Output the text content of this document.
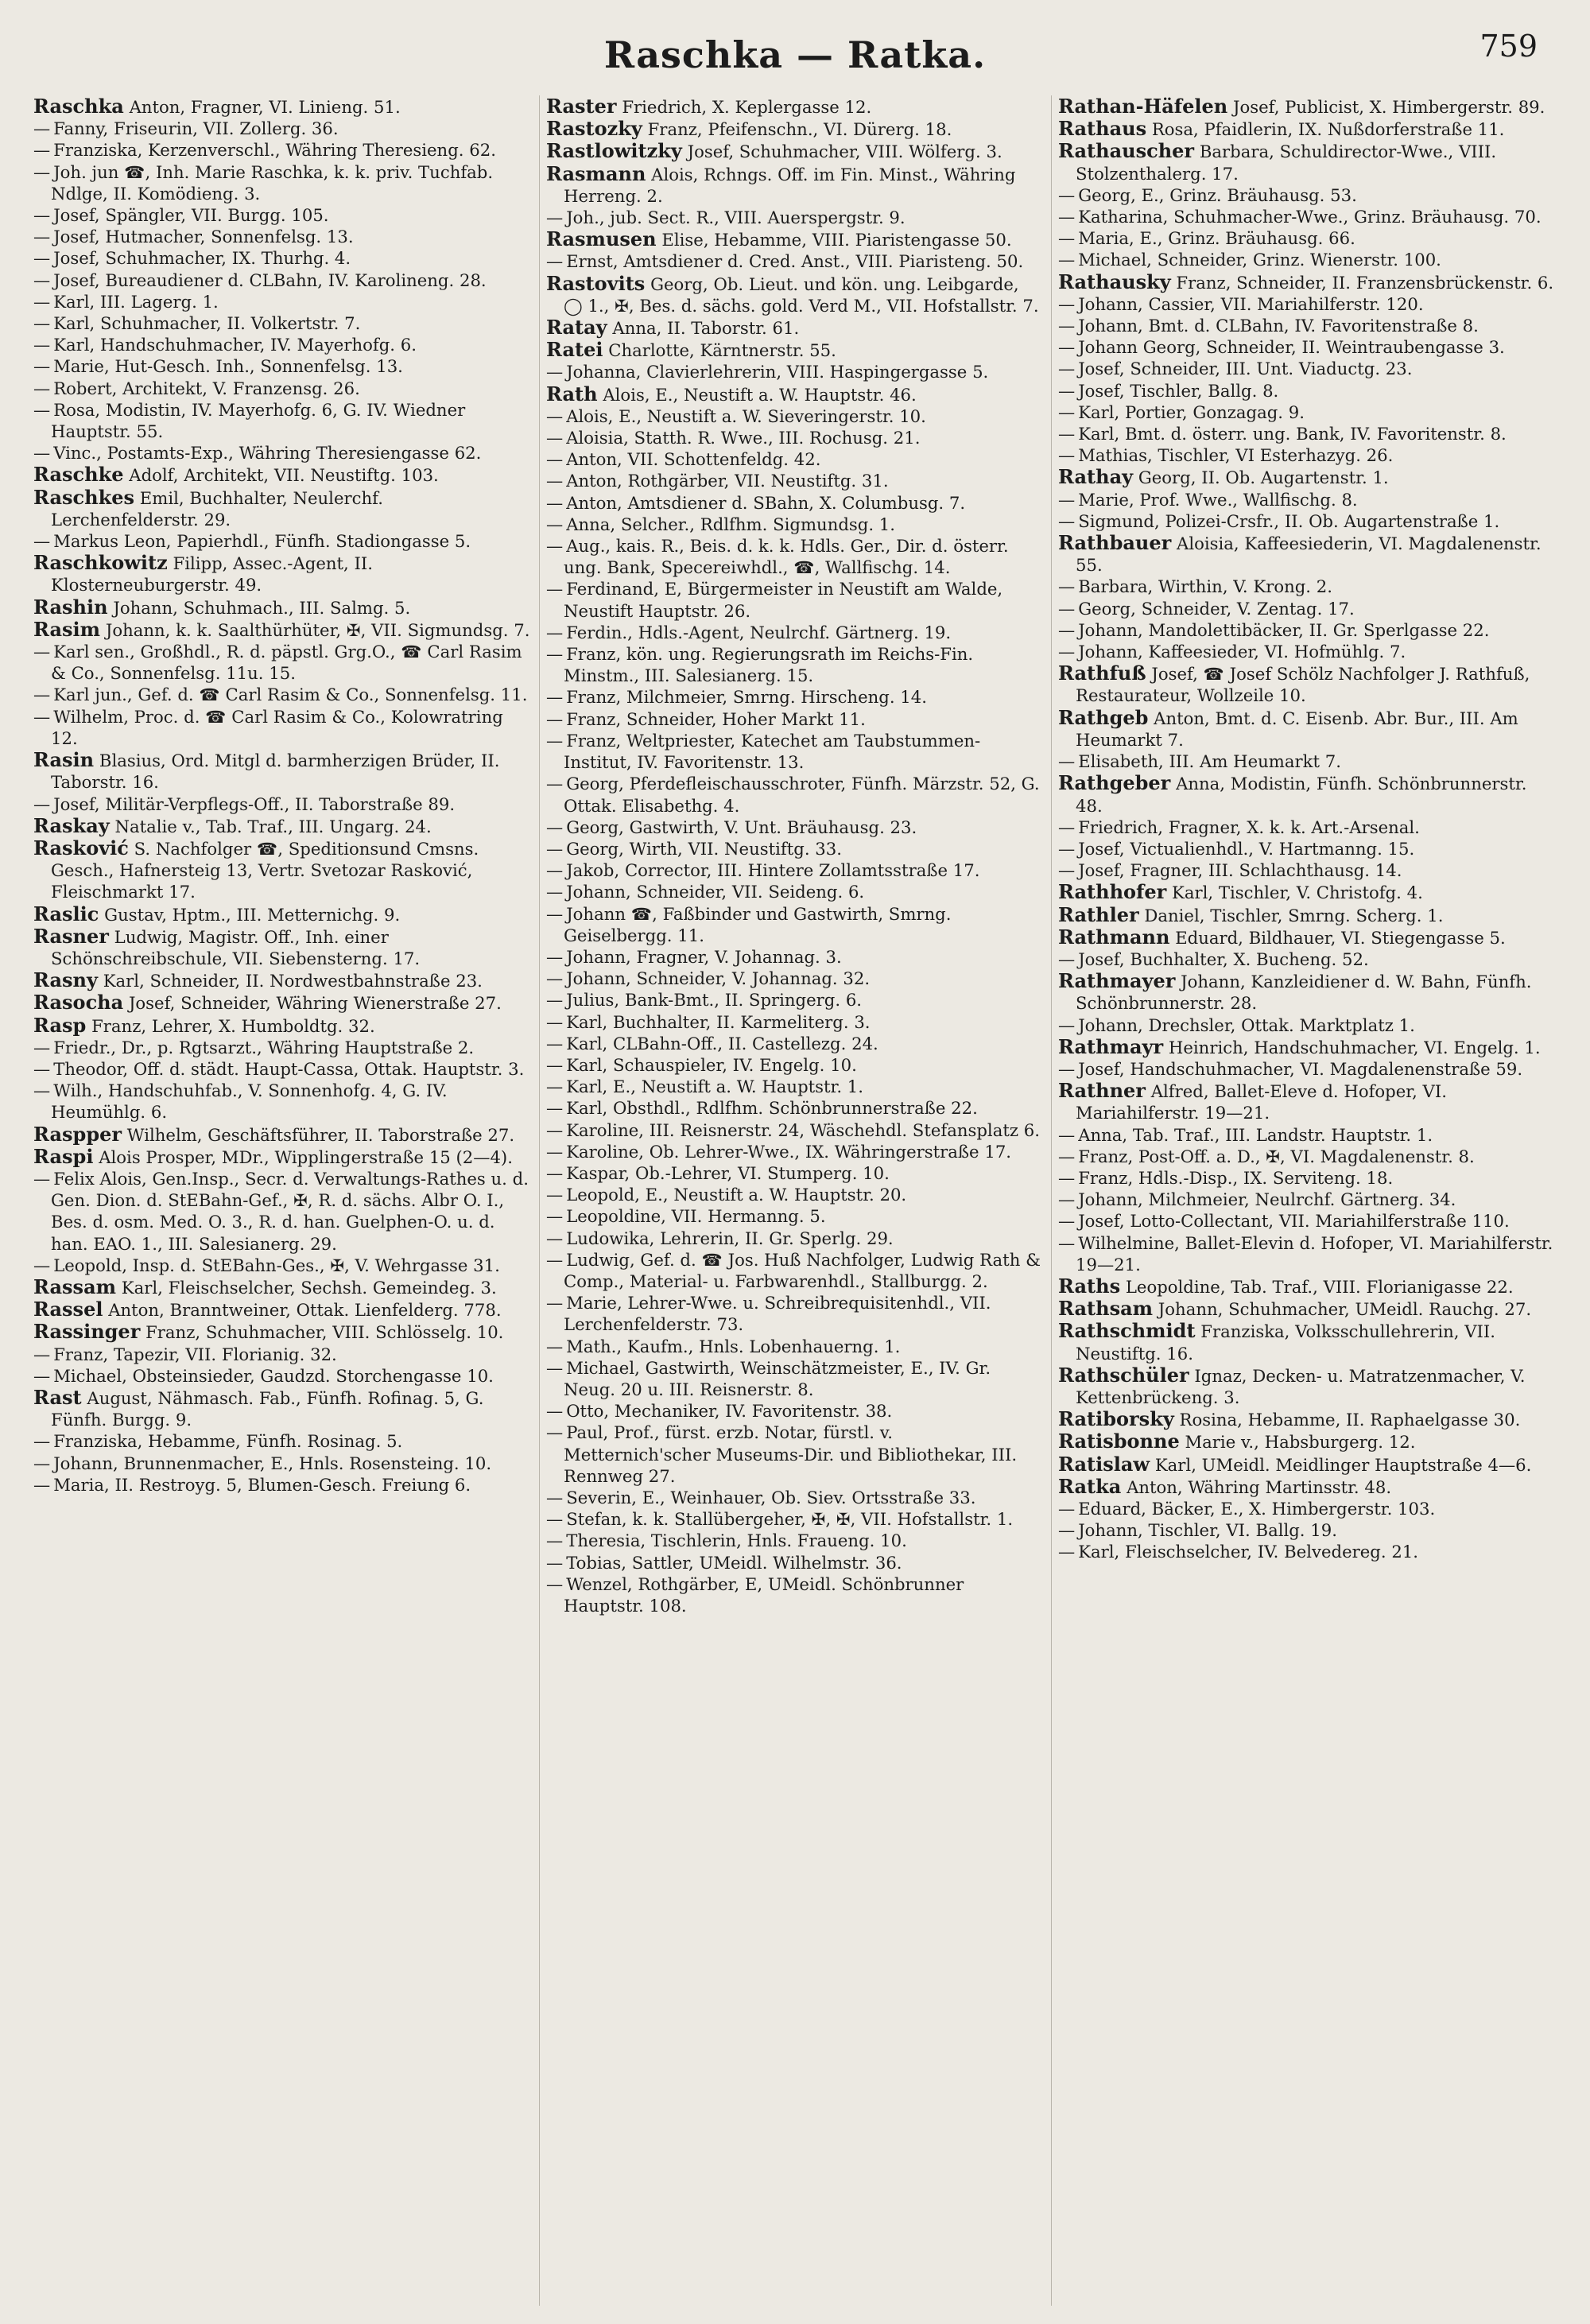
Raschka — Ratka.	759

Raschka Anton, Fragner, VI. Linieng. 51.

— Fanny, Friseurin, VII. Zollerg. 36.

— Franziska, Kerzenverschl., Währing Theresieng. 62.

— Joh. jun ☎, Inh. Marie Raschka, k. k. priv. Tuchfab. Ndlge, II. Komödieng. 3.

— Josef, Spängler, VII. Burgg. 105.

— Josef, Hutmacher, Sonnenfelsg. 13.

— Josef, Schuhmacher, IX. Thurhg. 4.

— Josef, Bureaudiener d. CLBahn, IV. Karolineng. 28.

— Karl, III. Lagerg. 1.

— Karl, Schuhmacher, II. Volkertstr. 7.

— Karl, Handschuhmacher, IV. Mayerhofg. 6.

— Marie, Hut-Gesch. Inh., Sonnenfelsg. 13.

— Robert, Architekt, V. Franzensg. 26.

— Rosa, Modistin, IV. Mayerhofg. 6, G. IV. Wiedner Hauptstr. 55.

— Vinc., Postamts-Exp., Währing Theresiengasse 62.

Raschke Adolf, Architekt, VII. Neustiftg. 103.

Raschkes Emil, Buchhalter, Neulerchf. Lerchenfelderstr. 29.

— Markus Leon, Papierhdl., Fünfh. Stadiongasse 5.

Raschkowitz Filipp, Assec.-Agent, II. Klosterneuburgerstr. 49.

Rashin Johann, Schuhmach., III. Salmg. 5.

Rasim Johann, k. k. Saalthürhüter, ✠, VII. Sigmundsg. 7.

— Karl sen., Großhdl., R. d. päpstl. Grg.O., ☎ Carl Rasim & Co., Sonnenfelsg. 11u. 15.

— Karl jun., Gef. d. ☎ Carl Rasim & Co., Sonnenfelsg. 11.

— Wilhelm, Proc. d. ☎ Carl Rasim & Co., Kolowratring 12.

Rasin Blasius, Ord. Mitgl d. barmherzigen Brüder, II. Taborstr. 16.

— Josef, Militär-Verpflegs-Off., II. Taborstraße 89.

Raskay Natalie v., Tab. Traf., III. Ungarg. 24.

Rasković S. Nachfolger ☎, Speditionsund Cmsns. Gesch., Hafnersteig 13, Vertr. Svetozar Rasković, Fleischmarkt 17.

Raslic Gustav, Hptm., III. Metternichg. 9.

Rasner Ludwig, Magistr. Off., Inh. einer Schönschreibschule, VII. Siebensterng. 17.

Rasny Karl, Schneider, II. Nordwestbahnstraße 23.

Rasocha Josef, Schneider, Währing Wienerstraße 27.

Rasp Franz, Lehrer, X. Humboldtg. 32.

— Friedr., Dr., p. Rgtsarzt., Währing Hauptstraße 2.

— Theodor, Off. d. städt. Haupt-Cassa, Ottak. Hauptstr. 3.

— Wilh., Handschuhfab., V. Sonnenhofg. 4, G. IV. Heumühlg. 6.

Raspper Wilhelm, Geschäftsführer, II. Taborstraße 27.

Raspi Alois Prosper, MDr., Wipplingerstraße 15 (2—4).

— Felix Alois, Gen.Insp., Secr. d. Verwaltungs-Rathes u. d. Gen. Dion. d. StEBahn-Gef., ✠, R. d. sächs. Albr O. I., Bes. d. osm. Med. O. 3., R. d. han. Guelphen-O. u. d. han. EAO. 1., III. Salesianerg. 29.

— Leopold, Insp. d. StEBahn-Ges., ✠, V. Wehrgasse 31.

Rassam Karl, Fleischselcher, Sechsh. Gemeindeg. 3.

Rassel Anton, Branntweiner, Ottak. Lienfelderg. 778.

Rassinger Franz, Schuhmacher, VIII. Schlösselg. 10.

— Franz, Tapezir, VII. Florianig. 32.

— Michael, Obsteinsieder, Gaudzd. Storchengasse 10.

Rast August, Nähmasch. Fab., Fünfh. Rofinag. 5, G. Fünfh. Burgg. 9.

— Franziska, Hebamme, Fünfh. Rosinag. 5.

— Johann, Brunnenmacher, E., Hnls. Rosensteing. 10.

— Maria, II. Restroyg. 5, Blumen-Gesch. Freiung 6.

Raster Friedrich, X. Keplergasse 12.

Rastozky Franz, Pfeifenschn., VI. Dürerg. 18.

Rastlowitzky Josef, Schuhmacher, VIII. Wölferg. 3.

Rasmann Alois, Rchngs. Off. im Fin. Minst., Währing Herreng. 2.

— Joh., jub. Sect. R., VIII. Auerspergstr. 9.

Rasmusen Elise, Hebamme, VIII. Piaristengasse 50.

— Ernst, Amtsdiener d. Cred. Anst., VIII. Piaristeng. 50.

Rastovits Georg, Ob. Lieut. und kön. ung. Leibgarde, ◯ 1., ✠, Bes. d. sächs. gold. Verd M., VII. Hofstallstr. 7.

Ratay Anna, II. Taborstr. 61.

Ratei Charlotte, Kärntnerstr. 55.

— Johanna, Clavierlehrerin, VIII. Haspingergasse 5.

Rath Alois, E., Neustift a. W. Hauptstr. 46.

— Alois, E., Neustift a. W. Sieveringerstr. 10.

— Aloisia, Statth. R. Wwe., III. Rochusg. 21.

— Anton, VII. Schottenfeldg. 42.

— Anton, Rothgärber, VII. Neustiftg. 31.

— Anton, Amtsdiener d. SBahn, X. Columbusg. 7.

— Anna, Selcher., Rdlfhm. Sigmundsg. 1.

— Aug., kais. R., Beis. d. k. k. Hdls. Ger., Dir. d. österr. ung. Bank, Specereiwhdl., ☎, Wallfischg. 14.

— Ferdinand, E, Bürgermeister in Neustift am Walde, Neustift Hauptstr. 26.

— Ferdin., Hdls.-Agent, Neulrchf. Gärtnerg. 19.

— Franz, kön. ung. Regierungsrath im Reichs-Fin. Minstm., III. Salesianerg. 15.

— Franz, Milchmeier, Smrng. Hirscheng. 14.

— Franz, Schneider, Hoher Markt 11.

— Franz, Weltpriester, Katechet am Taubstummen-Institut, IV. Favoritenstr. 13.

— Georg, Pferdefleischausschroter, Fünfh. Märzstr. 52, G. Ottak. Elisabethg. 4.

— Georg, Gastwirth, V. Unt. Bräuhausg. 23.

— Georg, Wirth, VII. Neustiftg. 33.

— Jakob, Corrector, III. Hintere Zollamtsstraße 17.

— Johann, Schneider, VII. Seideng. 6.

— Johann ☎, Faßbinder und Gastwirth, Smrng. Geiselbergg. 11.

— Johann, Fragner, V. Johannag. 3.

— Johann, Schneider, V. Johannag. 32.

— Julius, Bank-Bmt., II. Springerg. 6.

— Karl, Buchhalter, II. Karmeliterg. 3.

— Karl, CLBahn-Off., II. Castellezg. 24.

— Karl, Schauspieler, IV. Engelg. 10.

— Karl, E., Neustift a. W. Hauptstr. 1.

— Karl, Obsthdl., Rdlfhm. Schönbrunnerstraße 22.

— Karoline, III. Reisnerstr. 24, Wäschehdl. Stefansplatz 6.

— Karoline, Ob. Lehrer-Wwe., IX. Währingerstraße 17.

— Kaspar, Ob.-Lehrer, VI. Stumperg. 10.

— Leopold, E., Neustift a. W. Hauptstr. 20.

— Leopoldine, VII. Hermanng. 5.

— Ludowika, Lehrerin, II. Gr. Sperlg. 29.

— Ludwig, Gef. d. ☎ Jos. Huß Nachfolger, Ludwig Rath & Comp., Material- u. Farbwarenhdl., Stallburgg. 2.

— Marie, Lehrer-Wwe. u. Schreibrequisitenhdl., VII. Lerchenfelderstr. 73.

— Math., Kaufm., Hnls. Lobenhauerng. 1.

— Michael, Gastwirth, Weinschätzmeister, E., IV. Gr. Neug. 20 u. III. Reisnerstr. 8.

— Otto, Mechaniker, IV. Favoritenstr. 38.

— Paul, Prof., fürst. erzb. Notar, fürstl. v. Metternich'scher Museums-Dir. und Bibliothekar, III. Rennweg 27.

— Severin, E., Weinhauer, Ob. Siev. Ortsstraße 33.

— Stefan, k. k. Stallübergeher, ✠, ✠, VII. Hofstallstr. 1.

— Theresia, Tischlerin, Hnls. Fraueng. 10.

— Tobias, Sattler, UMeidl. Wilhelmstr. 36.

— Wenzel, Rothgärber, E, UMeidl. Schönbrunner Hauptstr. 108.

Rathan-Häfelen Josef, Publicist, X. Himbergerstr. 89.

Rathaus Rosa, Pfaidlerin, IX. Nußdorferstraße 11.

Rathauscher Barbara, Schuldirector-Wwe., VIII. Stolzenthalerg. 17.

— Georg, E., Grinz. Bräuhausg. 53.

— Katharina, Schuhmacher-Wwe., Grinz. Bräuhausg. 70.

— Maria, E., Grinz. Bräuhausg. 66.

— Michael, Schneider, Grinz. Wienerstr. 100.

Rathausky Franz, Schneider, II. Franzensbrückenstr. 6.

— Johann, Cassier, VII. Mariahilferstr. 120.

— Johann, Bmt. d. CLBahn, IV. Favoritenstraße 8.

— Johann Georg, Schneider, II. Weintraubengasse 3.

— Josef, Schneider, III. Unt. Viaductg. 23.

— Josef, Tischler, Ballg. 8.

— Karl, Portier, Gonzagag. 9.

— Karl, Bmt. d. österr. ung. Bank, IV. Favoritenstr. 8.

— Mathias, Tischler, VI Esterhazyg. 26.

Rathay Georg, II. Ob. Augartenstr. 1.

— Marie, Prof. Wwe., Wallfischg. 8.

— Sigmund, Polizei-Crsfr., II. Ob. Augartenstraße 1.

Rathbauer Aloisia, Kaffeesiederin, VI. Magdalenenstr. 55.

— Barbara, Wirthin, V. Krong. 2.

— Georg, Schneider, V. Zentag. 17.

— Johann, Mandolettibäcker, II. Gr. Sperlgasse 22.

— Johann, Kaffeesieder, VI. Hofmühlg. 7.

Rathfuß Josef, ☎ Josef Schölz Nachfolger J. Rathfuß, Restaurateur, Wollzeile 10.

Rathgeb Anton, Bmt. d. C. Eisenb. Abr. Bur., III. Am Heumarkt 7.

— Elisabeth, III. Am Heumarkt 7.

Rathgeber Anna, Modistin, Fünfh. Schönbrunnerstr. 48.

— Friedrich, Fragner, X. k. k. Art.-Arsenal.

— Josef, Victualienhdl., V. Hartmanng. 15.

— Josef, Fragner, III. Schlachthausg. 14.

Rathhofer Karl, Tischler, V. Christofg. 4.

Rathler Daniel, Tischler, Smrng. Scherg. 1.

Rathmann Eduard, Bildhauer, VI. Stiegengasse 5.

— Josef, Buchhalter, X. Bucheng. 52.

Rathmayer Johann, Kanzleidiener d. W. Bahn, Fünfh. Schönbrunnerstr. 28.

— Johann, Drechsler, Ottak. Marktplatz 1.

Rathmayr Heinrich, Handschuhmacher, VI. Engelg. 1.

— Josef, Handschuhmacher, VI. Magdalenenstraße 59.

Rathner Alfred, Ballet-Eleve d. Hofoper, VI. Mariahilferstr. 19—21.

— Anna, Tab. Traf., III. Landstr. Hauptstr. 1.

— Franz, Post-Off. a. D., ✠, VI. Magdalenenstr. 8.

— Franz, Hdls.-Disp., IX. Serviteng. 18.

— Johann, Milchmeier, Neulrchf. Gärtnerg. 34.

— Josef, Lotto-Collectant, VII. Mariahilferstraße 110.

— Wilhelmine, Ballet-Elevin d. Hofoper, VI. Mariahilferstr. 19—21.

Raths Leopoldine, Tab. Traf., VIII. Florianigasse 22.

Rathsam Johann, Schuhmacher, UMeidl. Rauchg. 27.

Rathschmidt Franziska, Volksschullehrerin, VII. Neustiftg. 16.

Rathschüler Ignaz, Decken- u. Matratzenmacher, V. Kettenbrückeng. 3.

Ratiborsky Rosina, Hebamme, II. Raphaelgasse 30.

Ratisbonne Marie v., Habsburgerg. 12.

Ratislaw Karl, UMeidl. Meidlinger Hauptstraße 4—6.

Ratka Anton, Währing Martinsstr. 48.

— Eduard, Bäcker, E., X. Himbergerstr. 103.

— Johann, Tischler, VI. Ballg. 19.

— Karl, Fleischselcher, IV. Belvedereg. 21.
